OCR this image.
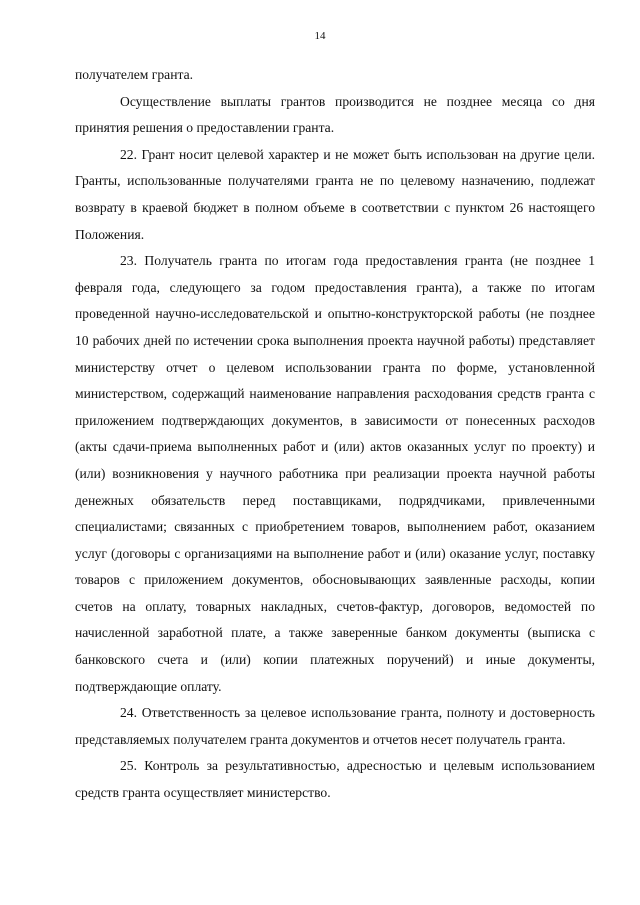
14

получателем гранта.

Осуществление выплаты грантов производится не позднее месяца со дня принятия решения о предоставлении гранта.

22. Грант носит целевой характер и не может быть использован на другие цели. Гранты, использованные получателями гранта не по целевому назначению, подлежат возврату в краевой бюджет в полном объеме в соответствии с пунктом 26 настоящего Положения.

23. Получатель гранта по итогам года предоставления гранта (не позднее 1 февраля года, следующего за годом предоставления гранта), а также по итогам проведенной научно-исследовательской и опытно-конструкторской работы (не позднее 10 рабочих дней по истечении срока выполнения проекта научной работы) представляет министерству отчет о целевом использовании гранта по форме, установленной министерством, содержащий наименование направления расходования средств гранта с приложением подтверждающих документов, в зависимости от понесенных расходов (акты сдачи-приема выполненных работ и (или) актов оказанных услуг по проекту) и (или) возникновения у научного работника при реализации проекта научной работы денежных обязательств перед поставщиками, подрядчиками, привлеченными специалистами; связанных с приобретением товаров, выполнением работ, оказанием услуг (договоры с организациями на выполнение работ и (или) оказание услуг, поставку товаров с приложением документов, обосновывающих заявленные расходы, копии счетов на оплату, товарных накладных, счетов-фактур, договоров, ведомостей по начисленной заработной плате, а также заверенные банком документы (выписка с банковского счета и (или) копии платежных поручений) и иные документы, подтверждающие оплату.

24. Ответственность за целевое использование гранта, полноту и достоверность представляемых получателем гранта документов и отчетов несет получатель гранта.

25. Контроль за результативностью, адресностью и целевым использованием средств гранта осуществляет министерство.
